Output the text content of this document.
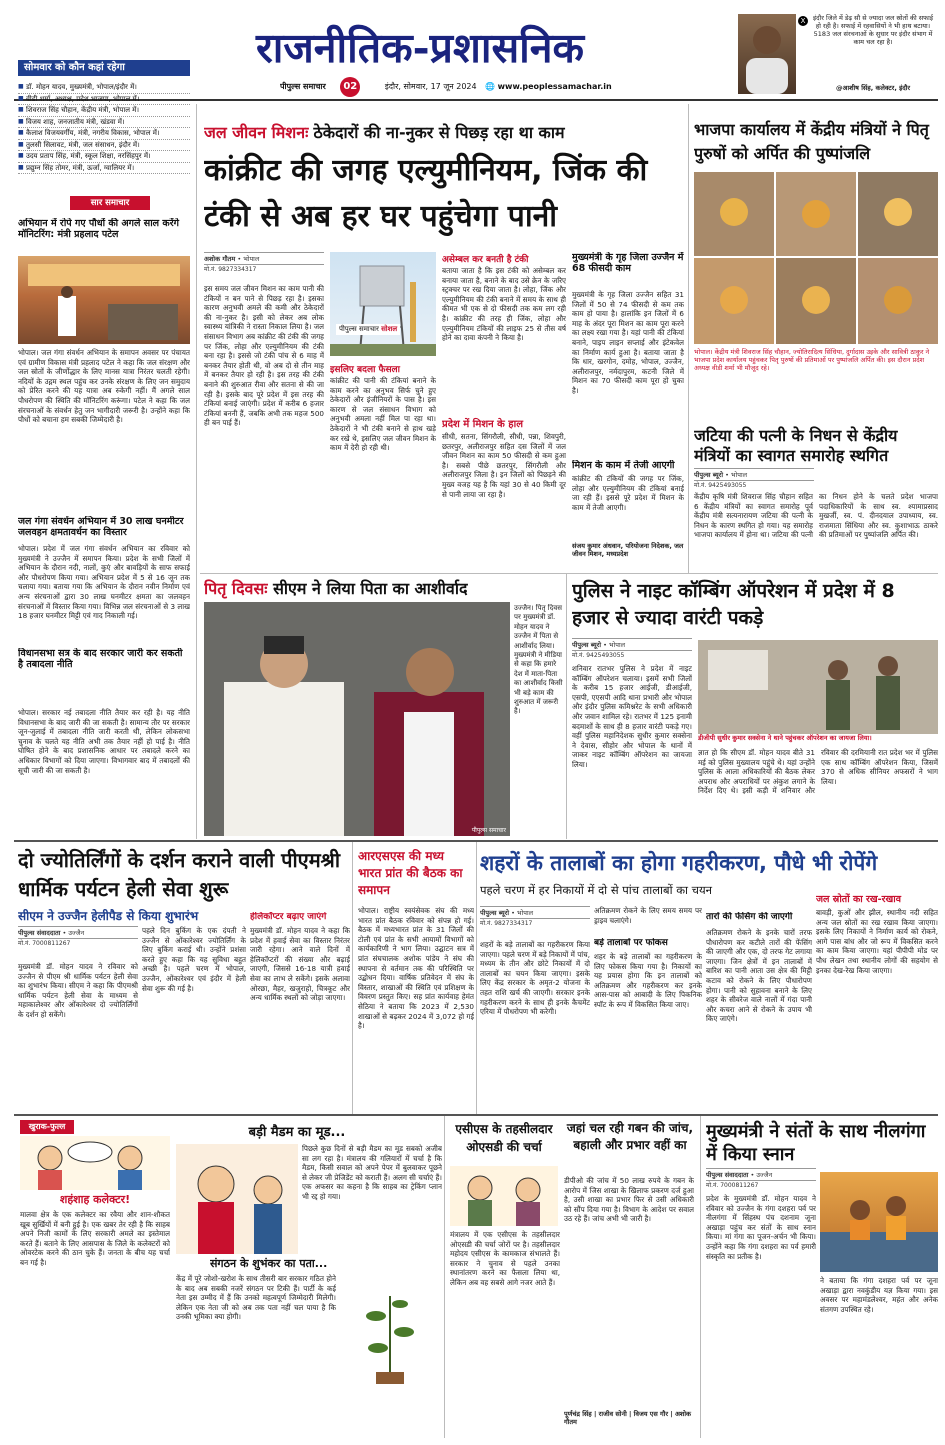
राजनीतिक-प्रशासनिक
पीपुल्स समाचार 02	इंदौर, सोमवार, 17 जून 2024 🌐 www.peoplessamachar.in
X	इंदौर जिले में डेढ़ सौ से ज्यादा जल स्रोतों की सफाई हो रही है। सफाई में रहवासियों ने भी हाथ बटाया। 5183 जल संरचनाओं के सुधार पर इंदौर संभाग में काम चल रहा है।
@आशीष सिंह, कलेक्टर, इंदौर
सोमवार को कौन कहां रहेगा
■ डॉ. मोहन यादव, मुख्यमंत्री, भोपाल/इंदौर में।
■ वीडी शर्मा, अध्यक्ष, प्रदेश भाजपा, भोपाल में।
■ शिवराज सिंह चौहान, केंद्रीय मंत्री, भोपाल में।
■ विजय शाह, जनजातीय मंत्री, खंडवा में।
■ कैलाश विजयवर्गीय, मंत्री, नगरीय विकास, भोपाल में।
■ तुलसी सिलावट, मंत्री, जल संसाधन, इंदौर में।
■ उदय प्रताप सिंह, मंत्री, स्कूल शिक्षा, नरसिंहपुर में।
■ प्रद्युम्न सिंह तोमर, मंत्री, ऊर्जा, ग्वालियर में।
सार समाचार
अभियान में रोपे गए पौधों की अगले साल करेंगे मॉनिटरिंग: मंत्री प्रहलाद पटेल
भोपाल। जल गंगा संवर्धन अभियान के समापन अवसर पर पंचायत एवं ग्रामीण विकास मंत्री प्रहलाद पटेल ने कहा कि जल संरक्षण और जल स्रोतों के जीर्णोद्धार के लिए मानस यात्रा निरंतर चलती रहेगी। नदियों के उद्गम स्थल पहुंच कर उनके संरक्षण के लिए जन समुदाय को प्रेरित करने की यह यात्रा अब रुकेगी नहीं। मैं अगले साल पौधरोपण की स्थिति की मॉनिटरिंग करूंगा। पटेल ने कहा कि जल संरचनाओं के संवर्धन हेतु जन भागीदारी जरूरी है। उन्होंने कहा कि पौधों को बचाना हम सबकी जिम्मेदारी है।
जल गंगा संवर्धन अभियान में 30 लाख घनमीटर जलवहन क्षमतावर्धन का विस्तार
भोपाल। प्रदेश में जल गंगा संवर्धन अभियान का रविवार को मुख्यमंत्री ने उज्जैन में समापन किया। प्रदेश के सभी जिलों में अभियान के दौरान नदी, नालों, कुएं और बावड़ियों के साफ सफाई और पौधरोपण किया गया। अभियान प्रदेश में 5 से 16 जून तक चलाया गया। बताया गया कि अभियान के दौरान नवीन निर्माण एवं अन्य संरचनाओं द्वारा 30 लाख घनमीटर क्षमता का जलवहन संरचनाओं में विस्तार किया गया। विभिन्न जल संरचनाओं से 3 लाख 18 हजार घनमीटर मिट्टी एवं गाद निकाली गई।
विधानसभा सत्र के बाद सरकार जारी कर सकती है तबादला नीति
भोपाल। सरकार नई तबादला नीति तैयार कर रही है। यह नीति विधानसभा के बाद जारी की जा सकती है। सामान्य तौर पर सरकार जून-जुलाई में तबादला नीति जारी करती थी, लेकिन लोकसभा चुनाव के चलते यह नीति अभी तक तैयार नहीं हो पाई है। नीति घोषित होने के बाद प्रशासनिक आधार पर तबादले करने का अधिकार विभागों को दिया जाएगा। विभागवार बाद में तबादलों की सूची जारी की जा सकती है।
जल जीवन मिशनः ठेकेदारों की ना-नुकर से पिछड़ रहा था काम
कांक्रीट की जगह एल्युमीनियम, जिंक की टंकी से अब हर घर पहुंचेगा पानी
अशोक गौतम • भोपाल
मो.नं. 9827334317
इस समय जल जीवन मिशन का काम पानी की टंकियों न बन पाने से पिछड़ रहा है। इसका कारण अनुभवी अमले की कमी और ठेकेदारों की ना-नुकर है। इसी को लेकर अब लोक स्वास्थ्य यांत्रिकी ने रास्ता निकाल लिया है। जल संसाधन विभाग अब कांक्रीट की टंकी की जगह पर जिंक, लोहा और एल्युमीनियम की टंकी बना रहा है। इससे जो टंकी पांच से 6 माह में बनकर तैयार होती थी, वो अब दो से तीन माह में बनकर तैयार हो रही है। इस तरह की टंकी बनाने की शुरुआत रीवा और सतना से की जा रही है। इसके बाद पूरे प्रदेश में इस तरह की टंकियां बनाई जाएंगी। प्रदेश में करीब 6 हजार टंकियां बननी हैं, जबकि अभी तक महज 500 ही बन पाई हैं।
पीपुल्स समाचार सोशल
इसलिए बदला फैसला
कांक्रीट की पानी की टंकियां बनाने के काम करने का अनुभव सिर्फ चुने हुए ठेकेदारों और इंजीनियरों के पास है। इस कारण से जल संसाधन विभाग को अनुभवी अमला नहीं मिल पा रहा था। ठेकेदारों ने भी टंकी बनाने से हाथ खड़े कर रखे थे, इसलिए जल जीवन मिशन के काम में देरी हो रही थी।
असेम्बल कर बनती है टंकी
बताया जाता है कि इस टंकी को असेम्बल कर बनाया जाता है, बनाने के बाद उसे क्रेन के जरिए स्ट्रक्चर पर रख दिया जाता है। लोहा, जिंक और एल्युमीनियम की टंकी बनाने में समय के साथ ही कीमत भी एक से दो फीसदी तक कम लग रही है। कांक्रीट की तरह ही जिंक, लोहा और एल्युमीनियम टंकियों की लाइफ 25 से तीस वर्ष होने का दावा कंपनी ने किया है।
प्रदेश में मिशन के हाल
सीधी, सतना, सिंगरौली, सीधी, पन्ना, शिवपुरी, छतरपुर, अलीराजपुर सहित दस जिलों में जल जीवन मिशन का काम 50 फीसदी से कम हुआ है। सबसे पीछे छतरपुर, सिंगरौली और अलीराजपुर जिला है। इन जिलों को पिछड़ने की मुख्य वजह यह है कि यहां 30 से 40 किमी दूर से पानी लाया जा रहा है।
मुख्यमंत्री के गृह जिला उज्जैन में 68 फीसदी काम
मुख्यमंत्री के गृह जिला उज्जैन सहित 31 जिलों में 50 से 74 फीसदी से कम तक काम हो पाया है। हालांकि इन जिलों में 6 माह के अंदर पूरा मिशन का काम पूरा करने का लक्ष्य रखा गया है। यहां पानी की टंकियां बनाने, पाइप लाइन सप्लाई और इंटेकवेल का निर्माण कार्य हुआ है। बताया जाता है कि धार, खरगोन, दमोह, भोपाल, उज्जैन, अलीराजपुर, नर्मदापुरम, कटनी जिले में मिशन का 70 फीसदी काम पूरा हो चुका है।
मिशन के काम में तेजी आएगी
कांक्रीट की टंकियों की जगह पर जिंक, लोहा और एल्युमीनियम की टंकियां बनाई जा रही हैं। इससे पूरे प्रदेश में मिशन के काम में तेजी आएगी।
संजय कुमार अंधवान, परियोजना निदेशक, जल जीवन मिशन, मध्यप्रदेश
भाजपा कार्यालय में केंद्रीय मंत्रियों ने पितृ पुरुषों को अर्पित की पुष्पांजलि
भोपाल। केंद्रीय मंत्री शिवराज सिंह चौहान, ज्योतिरादित्य सिंधिया, दुर्गादास उइके और सावित्री ठाकुर ने भाजपा प्रदेश कार्यालय पहुंचकर पितृ पुरुषों की प्रतिमाओं पर पुष्पांजलि अर्पित की। इस दौरान प्रदेश अध्यक्ष वीडी शर्मा भी मौजूद रहे।
जटिया की पत्नी के निधन से केंद्रीय मंत्रियों का स्वागत समारोह स्थगित
पीपुल्स ब्यूरो • भोपाल
मो.नं. 9425493055
केंद्रीय कृषि मंत्री शिवराज सिंह चौहान सहित 6 केंद्रीय मंत्रियों का स्वागत समारोह पूर्व केंद्रीय मंत्री सत्यनारायण जटिया की पत्नी के निधन के कारण स्थगित हो गया। यह समारोह भाजपा कार्यालय में होना था। जटिया की पत्नी का निधन होने के चलते प्रदेश भाजपा पदाधिकारियों के साथ स्व. श्यामाप्रसाद मुखर्जी, स्व. पं. दीनदयाल उपाध्याय, स्व. राजमाता सिंधिया और स्व. कुशाभाऊ ठाकरे की प्रतिमाओं पर पुष्पांजलि अर्पित की।
पितृ दिवसः सीएम ने लिया पिता का आशीर्वाद
पीपुल्स समाचार
उज्जैन। पितृ दिवस पर मुख्यमंत्री डॉ. मोहन यादव ने उज्जैन में पिता से आशीर्वाद लिया। मुख्यमंत्री ने मीडिया से कहा कि हमारे देश में माता-पिता का आशीर्वाद किसी भी बड़े काम की शुरुआत में जरूरी है।
पुलिस ने नाइट कॉम्बिंग ऑपरेशन में प्रदेश में 8 हजार से ज्यादा वारंटी पकड़े
पीपुल्स ब्यूरो • भोपाल
मो.नं. 9425493055
शनिवार रातभर पुलिस ने प्रदेश में नाइट कॉम्बिंग ऑपरेशन चलाया। इसमें सभी जिलों के करीब 15 हजार आईजी, डीआईजी, एसपी, एएसपी आदि थाना प्रभारी और भोपाल और इंदौर पुलिस कमिश्नरेट के सभी अधिकारी और जवान शामिल रहे। रातभर में 125 इनामी बदमाशों के साथ ही 8 हजार वारंटी पकड़े गए। वहीं पुलिस महानिदेशक सुधीर कुमार सक्सेना ने देवास, सीहोर और भोपाल के थानों में जाकर नाइट कॉम्बिंग ऑपरेशन का जायजा लिया।
डीजीपी सुधीर कुमार सक्सेना ने थाने पहुंचकर ऑपरेशन का जायजा लिया।
ज्ञात हो कि सीएम डॉ. मोहन यादव बीते 31 मई को पुलिस मुख्यालय पहुंचे थे। यहां उन्होंने पुलिस के आला अधिकारियों की बैठक लेकर अपराध और अपराधियों पर अंकुश लगाने के निर्देश दिए थे। इसी कड़ी में शनिवार और रविवार की दरमियानी रात प्रदेश भर में पुलिस एक साथ कॉम्बिंग ऑपरेशन किया, जिसमें 370 से अधिक सीनियर अफसरों ने भाग लिया।
दो ज्योतिर्लिंगों के दर्शन कराने वाली पीएमश्री धार्मिक पर्यटन हेली सेवा शुरू
सीएम ने उज्जैन हेलीपैड से किया शुभारंभ
पीपुल्स संवाददाता • उज्जैन
मो.नं. 7000811267
मुख्यमंत्री डॉ. मोहन यादव ने रविवार को उज्जैन से पीएम श्री धार्मिक पर्यटन हेली सेवा का शुभारंभ किया। सीएम ने कहा कि पीएमश्री धार्मिक पर्यटन हेली सेवा के माध्यम से महाकालेश्वर और ओंकारेश्वर दो ज्योतिर्लिंगों के दर्शन हो सकेंगे।
पहले दिन बुकिंग के एक दंपती ने उज्जैन से ओंकारेश्वर ज्योतिर्लिंग के लिए बुकिंग कराई थी। उन्होंने प्रशंसा करते हुए कहा कि यह सुविधा बहुत अच्छी है। पहले चरण में भोपाल, उज्जैन, ओंकारेश्वर एवं इंदौर में हेली सेवा शुरू की गई है।
हेलिकॉप्टर बढ़ाए जाएंगे
मुख्यमंत्री डॉ. मोहन यादव ने कहा कि प्रदेश में हवाई सेवा का विस्तार निरंतर जारी रहेगा। आने वाले दिनों में हेलिकॉप्टरों की संख्या और बढ़ाई जाएगी, जिससे 16-18 यात्री हवाई सेवा का लाभ ले सकेंगे। इसके अलावा ओरछा, मैहर, खजुराहो, चित्रकूट और अन्य धार्मिक स्थलों को जोड़ा जाएगा।
आरएसएस की मध्य भारत प्रांत की बैठक का समापन
भोपाल। राष्ट्रीय स्वयंसेवक संघ की मध्य भारत प्रांत बैठक रविवार को संपन्न हो गई। बैठक में मध्यभारत प्रांत के 31 जिलों की टोली एवं प्रांत के सभी आयामों विभागों को कार्यकारिणी ने भाग लिया। उद्घाटन सत्र में प्रांत संघचालक अशोक पांडेय ने संघ की स्थापना से वर्तमान तक की परिस्थिति पर उद्बोधन दिया। वार्षिक प्रतिवेदन में संघ के विस्तार, शाखाओं की स्थिति एवं प्रशिक्षण के विवरण प्रस्तुत किए। सह प्रांत कार्यवाह हेमंत सेठिया ने बताया कि 2023 में 2,530 शाखाओं से बढ़कर 2024 में 3,072 हो गई है।
शहरों के तालाबों का होगा गहरीकरण, पौधे भी रोपेंगे
पहले चरण में हर निकायों में दो से पांच तालाबों का चयन
पीपुल्स ब्यूरो • भोपाल
मो.नं. 9827334317
शहरों के बड़े तालाबों का गहरीकरण किया जाएगा। पहले चरण में बड़े निकायों में पांच, मध्यम के तीन और छोटे निकायों में दो तालाबों का चयन किया जाएगा। इसके लिए केंद्र सरकार के अमृत-2 योजना के तहत राशि खर्च की जाएगी। सरकार इनके गहरीकरण करने के साथ ही इनके कैचमेंट एरिया में पौधरोपण भी करेगी।
अतिक्रमण रोकने के लिए समय समय पर ड्राइव चलाएंगे।
बड़े तालाबों पर फोकस
शहर के बड़े तालाबों का गहरीकरण के लिए फोकस किया गया है। निकायों का यह प्रयास होगा कि इन तालाबों को अतिक्रमण और गहरीकरण कर इनके आस-पास को आबादी के लिए पिकनिक स्पॉट के रूप में विकसित किया जाए।
तारों की फेंसिंग की जाएगी
अतिक्रमण रोकने के इनके चारों तरफ पौधारोपण कर कटीले तारों की फेंसिंग की जाएगी और एक, दो तरफ गेट लगाया जाएगा। जिन क्षेत्रों में इन तालाबों में बारिश का पानी आता उस क्षेत्र की मिट्टी कटाव को रोकने के लिए पौधारोपण होगा। पानी को सुहावना बनाने के लिए शहर के सीवरेज वाले नालों में गंदा पानी और कचरा आने से रोकने के उपाय भी किए जाएंगे।
जल स्रोतों का रख-रखाव
बावड़ी, कुओं और झील, स्थानीय नदी सहित अन्य जल स्रोतों का रख रखाव किया जाएगा। इसके लिए निकायों ने निर्माण कार्य को रोकने, आगे पास बांध और जो रूप में विकसित करने का काम किया जाएगा। यहां पीपीपी मोड पर पौध लेखन तथा स्थानीय लोगों की सहयोग से इनका देख-रेख किया जाएगा।
खुराक-फुल्ल
शहंशाह कलेक्टर!
मालवा क्षेत्र के एक कलेक्टर का रवैया और शान-शौकत खूब सुर्खियों में बनी हुई है। एक खबर तेर रही है कि साहब अपने निजी कामों के लिए सरकारी अमले का इस्तेमाल करते हैं। बताने के लिए आसपास के जिले के कलेक्टरों को ओवरटेक करने की ठान चुके हैं। जनता के बीच यह चर्चा बन गई है।
बड़ी मैडम का मूड...
पिछले कुछ दिनों से बड़ी मैडम का मूड सबको अजीब सा लग रहा है। मंत्रालय की गलियारों में चर्चा है कि मैडम, किसी सवाल को अपने पेपर में बुलवाकर पूछने से लेकर जी प्रेजिडेंट को कराती हैं। अलग सी चर्चाएं हैं। एक अफसर का कहना है कि साहब का ट्रेकिंग प्लान भी रद्द हो गया।
संगठन के शुभंकर का पता...
केंद्र में पूरे जोशो-खरोश के साथ तीसरी बार सरकार गठित होने के बाद अब सबकी नजरें संगठन पर टिकी हैं। पार्टी के कई नेता इस उम्मीद में हैं कि उनको महत्वपूर्ण जिम्मेदारी मिलेगी। लेकिन एक नेता जी को अब तक पता नहीं चल पाया है कि उनकी भूमिका क्या होगी।
एसीएस के तहसीलदार ओएसडी की चर्चा
मंत्रालय में एक एसीएस के तहसीलदार ओएसडी की चर्चा जोरों पर है। तहसीलदार महोदय एसीएस के कामकाज संभालते हैं। सरकार ने चुनाव से पहले उनका स्थानांतरण करने का फैसला लिया था, लेकिन अब वह सबसे आगे नजर आते हैं।
जहां चल रही गबन की जांच, बहाली और प्रभार वहीं का
डीपीओ की जांच में 50 लाख रुपये के गबन के आरोप में जिस शाखा के खिलाफ प्रकरण दर्ज हुआ है, उसी शाखा का प्रभार फिर से उसी अधिकारी को सौंप दिया गया है। विभाग के आदेश पर सवाल उठ रहे हैं। जांच अभी भी जारी है।
पूर्णचंद्र सिंह | राजीव सोनी | विजय एस गौर | अशोक गौतम
मुख्यमंत्री ने संतों के साथ नीलगंगा में किया स्नान
पीपुल्स संवाददाता • उज्जैन
मो.नं. 7000811267
प्रदेश के मुख्यमंत्री डॉ. मोहन यादव ने रविवार को उज्जैन के गंगा दशहरा पर्व पर नीलगंगा में सिंहस्थ पंच दशनाम जूना अखाड़ा पहुंच कर संतों के साथ स्नान किया। मां गंगा का पूजन-अर्चन भी किया। उन्होंने कहा कि गंगा दशहरा का पर्व हमारी संस्कृति का प्रतीक है।
ने बताया कि गंगा दशहरा पर्व पर जूना अखाड़ा द्वारा नवकुंडीय यज्ञ किया गया। इस अवसर पर महामंडलेश्वर, महंत और अनेक संतगण उपस्थित रहे।
